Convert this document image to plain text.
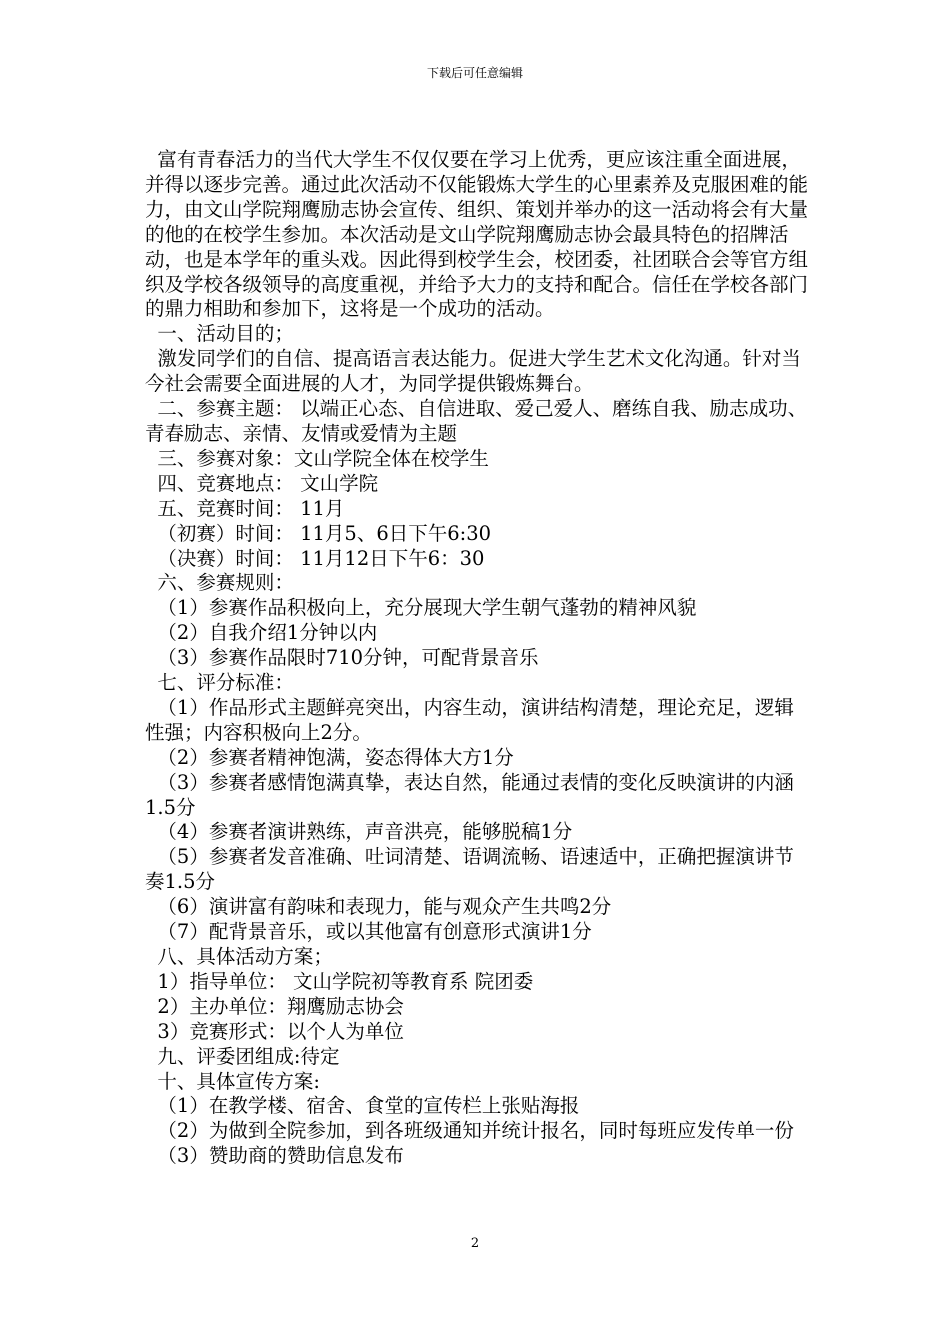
下载后可任意编辑

富有青春活力的当代大学生不仅仅要在学习上优秀，更应该注重全面进展，并得以逐步完善。通过此次活动不仅能锻炼大学生的心里素养及克服困难的能力，由文山学院翔鹰励志协会宣传、组织、策划并举办的这一活动将会有大量的他的在校学生参加。本次活动是文山学院翔鹰励志协会最具特色的招牌活动，也是本学年的重头戏。因此得到校学生会，校团委，社团联合会等官方组织及学校各级领导的高度重视，并给予大力的支持和配合。信任在学校各部门的鼎力相助和参加下，这将是一个成功的活动。

一、活动目的；

激发同学们的自信、提高语言表达能力。促进大学生艺术文化沟通。针对当今社会需要全面进展的人才，为同学提供锻炼舞台。

二、参赛主题： 以端正心态、自信进取、爱己爱人、磨练自我、励志成功、青春励志、亲情、友情或爱情为主题

三、参赛对象：文山学院全体在校学生

四、竞赛地点： 文山学院

五、竞赛时间： 11月

（初赛）时间： 11月5、6日下午6:30

（决赛）时间： 11月12日下午6：30

六、参赛规则：

（1）参赛作品积极向上，充分展现大学生朝气蓬勃的精神风貌

（2）自我介绍1分钟以内

（3）参赛作品限时710分钟，可配背景音乐

七、评分标准：

（1）作品形式主题鲜亮突出，内容生动，演讲结构清楚，理论充足，逻辑性强；内容积极向上2分。

（2）参赛者精神饱满，姿态得体大方1分

（3）参赛者感情饱满真挚，表达自然，能通过表情的变化反映演讲的内涵1.5分

（4）参赛者演讲熟练，声音洪亮，能够脱稿1分

（5）参赛者发音准确、吐词清楚、语调流畅、语速适中，正确把握演讲节奏1.5分

（6）演讲富有韵味和表现力，能与观众产生共鸣2分

（7）配背景音乐，或以其他富有创意形式演讲1分

八、具体活动方案；

1）指导单位： 文山学院初等教育系 院团委

2）主办单位：翔鹰励志协会

3）竞赛形式：以个人为单位

九、评委团组成:待定

十、具体宣传方案:

（1）在教学楼、宿舍、食堂的宣传栏上张贴海报

（2）为做到全院参加，到各班级通知并统计报名，同时每班应发传单一份

（3）赞助商的赞助信息发布

2
